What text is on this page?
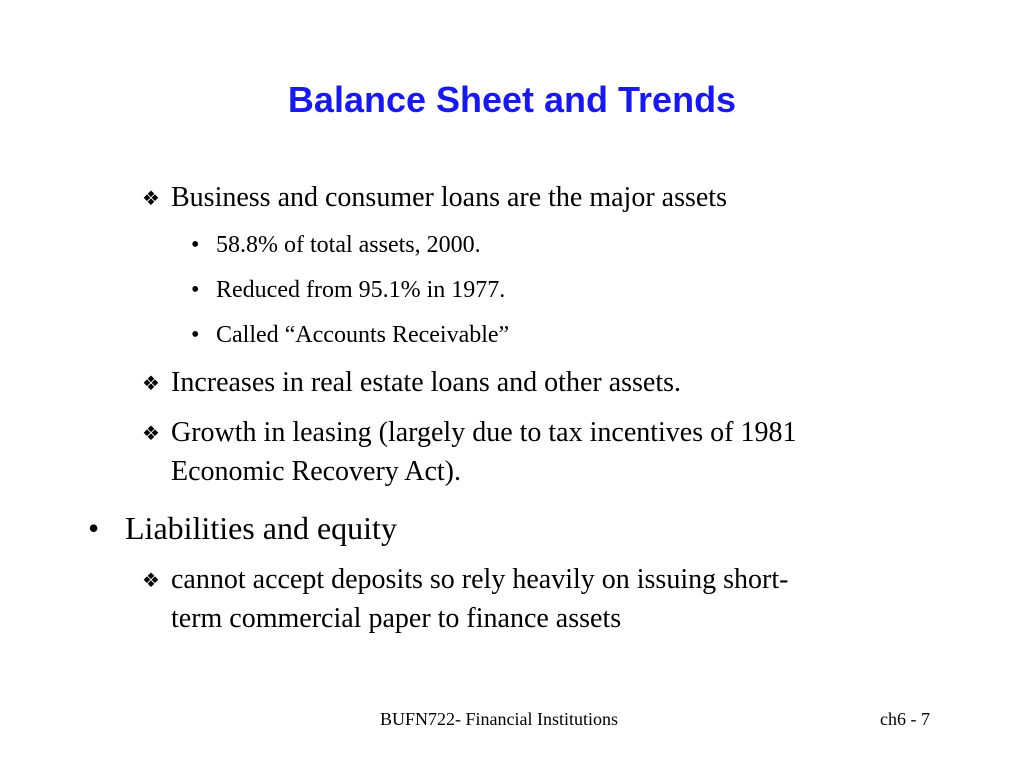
Balance Sheet and Trends
❖ Business and consumer loans are the major assets
• 58.8% of total assets, 2000.
• Reduced from 95.1% in 1977.
• Called “Accounts Receivable”
❖ Increases in real estate loans and other assets.
❖ Growth in leasing (largely due to tax incentives of 1981
Economic Recovery Act).
• Liabilities and equity
❖ cannot accept deposits so rely heavily on issuing short-
term commercial paper to finance assets
BUFN722- Financial Institutions	ch6 - 7
